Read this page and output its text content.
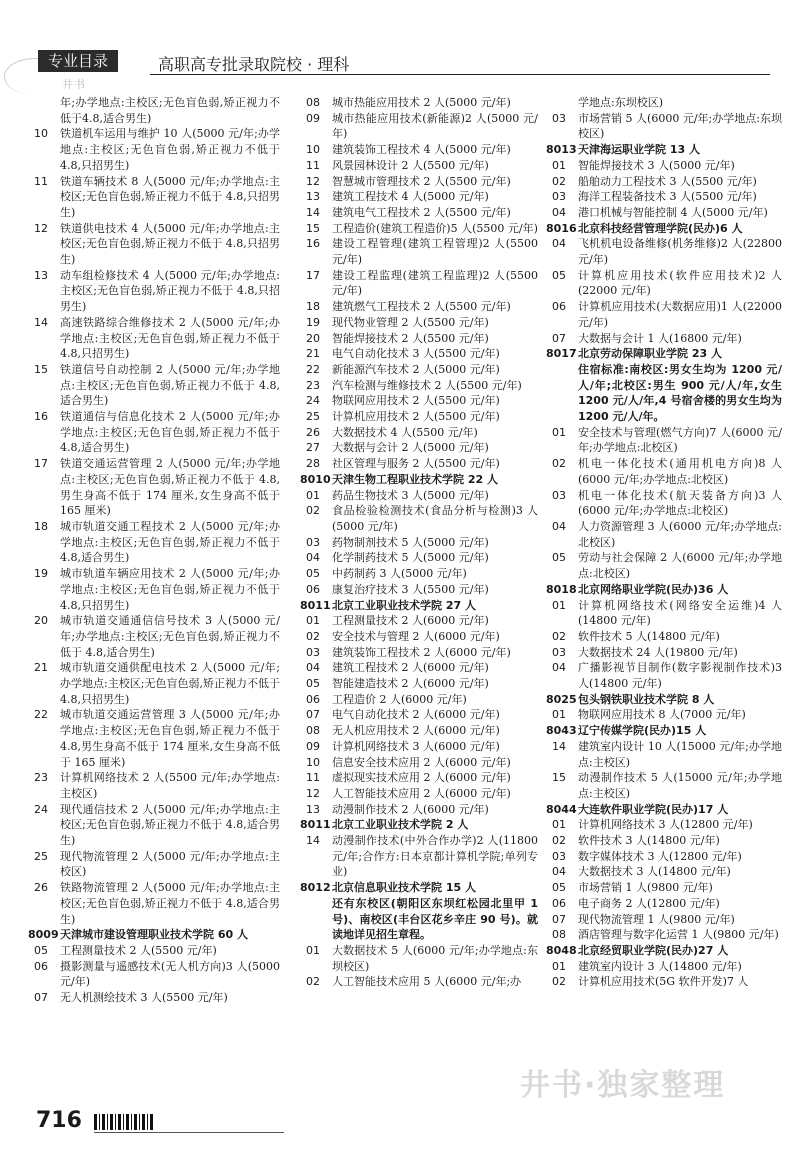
专业目录
井书
高职高专批录取院校 · 理科
年;办学地点:主校区;无色盲色弱,矫正视力不低于4.8,适合男生)
10	铁道机车运用与维护 10 人(5000 元/年;办学地点:主校区;无色盲色弱,矫正视力不低于 4.8,只招男生)
11	铁道车辆技术 8 人(5000 元/年;办学地点:主校区;无色盲色弱,矫正视力不低于 4.8,只招男生)
12	铁道供电技术 4 人(5000 元/年;办学地点:主校区;无色盲色弱,矫正视力不低于 4.8,只招男生)
13	动车组检修技术 4 人(5000 元/年;办学地点:主校区;无色盲色弱,矫正视力不低于 4.8,只招男生)
14	高速铁路综合维修技术 2 人(5000 元/年;办学地点:主校区;无色盲色弱,矫正视力不低于 4.8,只招男生)
15	铁道信号自动控制 2 人(5000 元/年;办学地点:主校区;无色盲色弱,矫正视力不低于 4.8,适合男生)
16	铁道通信与信息化技术 2 人(5000 元/年;办学地点:主校区;无色盲色弱,矫正视力不低于 4.8,适合男生)
17	铁道交通运营管理 2 人(5000 元/年;办学地点:主校区;无色盲色弱,矫正视力不低于 4.8,男生身高不低于 174 厘米,女生身高不低于 165 厘米)
18	城市轨道交通工程技术 2 人(5000 元/年;办学地点:主校区;无色盲色弱,矫正视力不低于 4.8,适合男生)
19	城市轨道车辆应用技术 2 人(5000 元/年;办学地点:主校区;无色盲色弱,矫正视力不低于 4.8,只招男生)
20	城市轨道交通通信信号技术 3 人(5000 元/年;办学地点:主校区;无色盲色弱,矫正视力不低于 4.8,适合男生)
21	城市轨道交通供配电技术 2 人(5000 元/年;办学地点:主校区;无色盲色弱,矫正视力不低于 4.8,只招男生)
22	城市轨道交通运营管理 3 人(5000 元/年;办学地点:主校区;无色盲色弱,矫正视力不低于 4.8,男生身高不低于 174 厘米,女生身高不低于 165 厘米)
23	计算机网络技术 2 人(5500 元/年;办学地点:主校区)
24	现代通信技术 2 人(5000 元/年;办学地点:主校区;无色盲色弱,矫正视力不低于 4.8,适合男生)
25	现代物流管理 2 人(5000 元/年;办学地点:主校区)
26	铁路物流管理 2 人(5000 元/年;办学地点:主校区;无色盲色弱,矫正视力不低于 4.8,适合男生)
8009 天津城市建设管理职业技术学院 60 人
05	工程测量技术 2 人(5500 元/年)
06	摄影测量与遥感技术(无人机方向)3 人(5000 元/年)
07	无人机测绘技术 3 人(5500 元/年)
08	城市热能应用技术 2 人(5000 元/年)
09	城市热能应用技术(新能源)2 人(5000 元/年)
10	建筑装饰工程技术 4 人(5000 元/年)
11	风景园林设计 2 人(5500 元/年)
12	智慧城市管理技术 2 人(5500 元/年)
13	建筑工程技术 4 人(5000 元/年)
14	建筑电气工程技术 2 人(5500 元/年)
15	工程造价(建筑工程造价)5 人(5500 元/年)
16	建设工程管理(建筑工程管理)2 人(5500 元/年)
17	建设工程监理(建筑工程监理)2 人(5500 元/年)
18	建筑燃气工程技术 2 人(5500 元/年)
19	现代物业管理 2 人(5500 元/年)
20	智能焊接技术 2 人(5500 元/年)
21	电气自动化技术 3 人(5500 元/年)
22	新能源汽车技术 2 人(5000 元/年)
23	汽车检测与维修技术 2 人(5500 元/年)
24	物联网应用技术 2 人(5500 元/年)
25	计算机应用技术 2 人(5500 元/年)
26	大数据技术 4 人(5500 元/年)
27	大数据与会计 2 人(5000 元/年)
28	社区管理与服务 2 人(5500 元/年)
8010 天津生物工程职业技术学院 22 人
01	药品生物技术 3 人(5000 元/年)
02	食品检验检测技术(食品分析与检测)3 人(5000 元/年)
03	药物制剂技术 5 人(5000 元/年)
04	化学制药技术 5 人(5000 元/年)
05	中药制药 3 人(5000 元/年)
06	康复治疗技术 3 人(5500 元/年)
8011 北京工业职业技术学院 27 人
01	工程测量技术 2 人(6000 元/年)
02	安全技术与管理 2 人(6000 元/年)
03	建筑装饰工程技术 2 人(6000 元/年)
04	建筑工程技术 2 人(6000 元/年)
05	智能建造技术 2 人(6000 元/年)
06	工程造价 2 人(6000 元/年)
07	电气自动化技术 2 人(6000 元/年)
08	无人机应用技术 2 人(6000 元/年)
09	计算机网络技术 3 人(6000 元/年)
10	信息安全技术应用 2 人(6000 元/年)
11	虚拟现实技术应用 2 人(6000 元/年)
12	人工智能技术应用 2 人(6000 元/年)
13	动漫制作技术 2 人(6000 元/年)
8011 北京工业职业技术学院 2 人
14	动漫制作技术(中外合作办学)2 人(11800 元/年;合作方:日本京都计算机学院;单列专业)
8012 北京信息职业技术学院 15 人
还有东校区(朝阳区东坝红松园北里甲 1 号)、南校区(丰台区花乡辛庄 90 号)。就读地详见招生章程。
01	大数据技术 5 人(6000 元/年;办学地点:东坝校区)
02	人工智能技术应用 5 人(6000 元/年;办
学地点:东坝校区)
03	市场营销 5 人(6000 元/年;办学地点:东坝校区)
8013 天津海运职业学院 13 人
01	智能焊接技术 3 人(5000 元/年)
02	船舶动力工程技术 3 人(5500 元/年)
03	海洋工程装备技术 3 人(5500 元/年)
04	港口机械与智能控制 4 人(5000 元/年)
8016 北京科技经营管理学院(民办)6 人
04	飞机机电设备维修(机务维修)2 人(22800 元/年)
05	计算机应用技术(软件应用技术)2 人(22000 元/年)
06	计算机应用技术(大数据应用)1 人(22000 元/年)
07	大数据与会计 1 人(16800 元/年)
8017 北京劳动保障职业学院 23 人
住宿标准:南校区:男女生均为 1200 元/人/年;北校区:男生 900 元/人/年,女生 1200 元/人/年,4 号宿舍楼的男女生均为 1200 元/人/年。
01	安全技术与管理(燃气方向)7 人(6000 元/年;办学地点:北校区)
02	机电一体化技术(通用机电方向)8 人(6000 元/年;办学地点:北校区)
03	机电一体化技术(航天装备方向)3 人(6000 元/年;办学地点:北校区)
04	人力资源管理 3 人(6000 元/年;办学地点:北校区)
05	劳动与社会保障 2 人(6000 元/年;办学地点:北校区)
8018 北京网络职业学院(民办)36 人
01	计算机网络技术(网络安全运维)4 人(14800 元/年)
02	软件技术 5 人(14800 元/年)
03	大数据技术 24 人(19800 元/年)
04	广播影视节目制作(数字影视制作技术)3 人(14800 元/年)
8025 包头钢铁职业技术学院 8 人
01	物联网应用技术 8 人(7000 元/年)
8043 辽宁传媒学院(民办)15 人
14	建筑室内设计 10 人(15000 元/年;办学地点:主校区)
15	动漫制作技术 5 人(15000 元/年;办学地点:主校区)
8044 大连软件职业学院(民办)17 人
01	计算机网络技术 3 人(12800 元/年)
02	软件技术 3 人(14800 元/年)
03	数字媒体技术 3 人(12800 元/年)
04	大数据技术 3 人(14800 元/年)
05	市场营销 1 人(9800 元/年)
06	电子商务 2 人(12800 元/年)
07	现代物流管理 1 人(9800 元/年)
08	酒店管理与数字化运营 1 人(9800 元/年)
8048 北京经贸职业学院(民办)27 人
01	建筑室内设计 3 人(14800 元/年)
02	计算机应用技术(5G 软件开发)7 人
716
井书·独家整理
